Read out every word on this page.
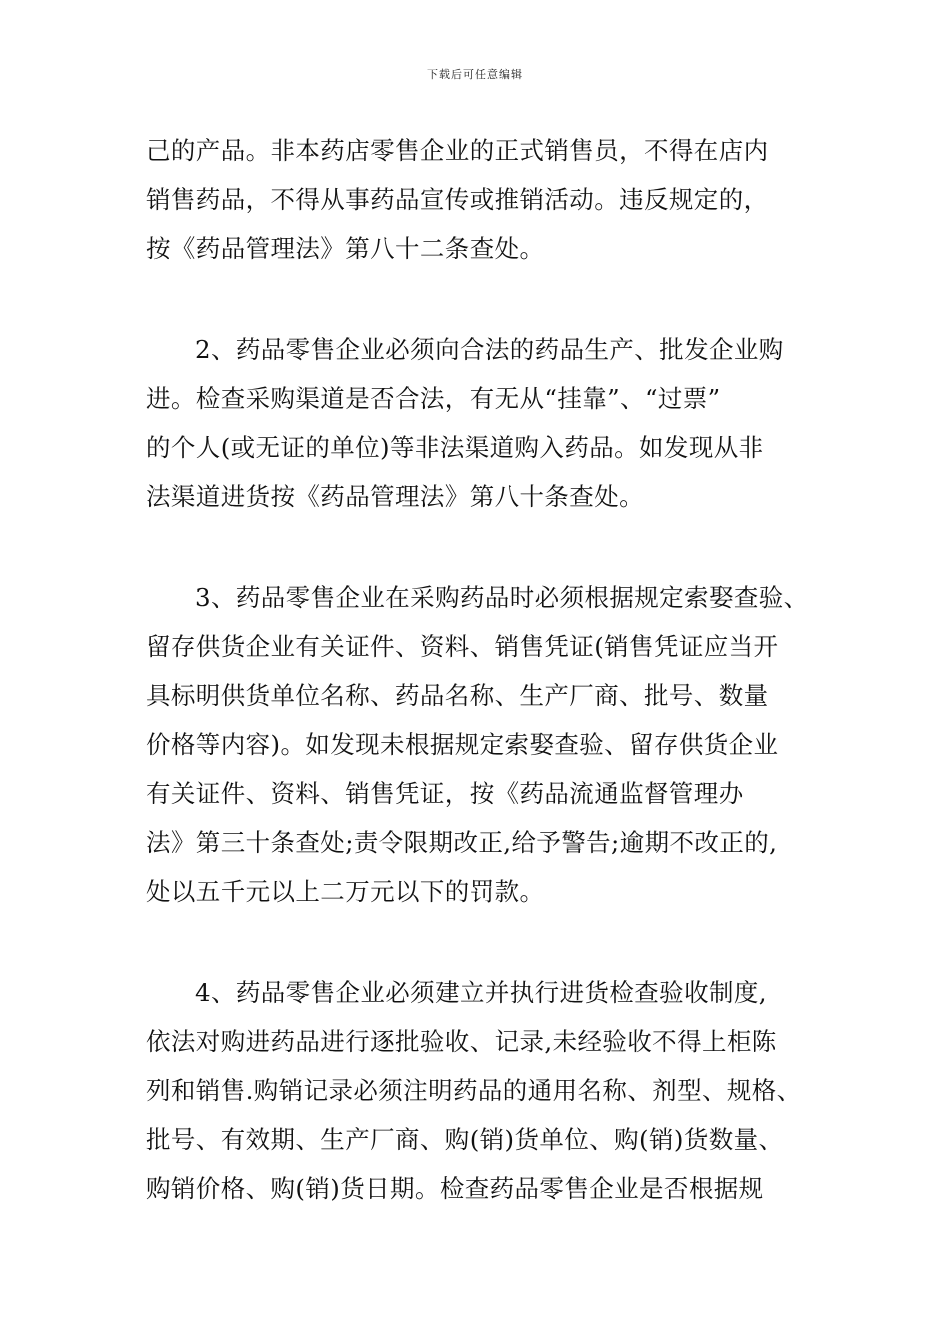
下载后可任意编辑
己的产品。非本药店零售企业的正式销售员，不得在店内
销售药品，不得从事药品宣传或推销活动。违反规定的，
按《药品管理法》第八十二条查处。
2、药品零售企业必须向合法的药品生产、批发企业购
进。检查采购渠道是否合法，有无从“挂靠”、“过票”
的个人(或无证的单位)等非法渠道购入药品。如发现从非
法渠道进货按《药品管理法》第八十条查处。
3、药品零售企业在采购药品时必须根据规定索娶查验、
留存供货企业有关证件、资料、销售凭证(销售凭证应当开
具标明供货单位名称、药品名称、生产厂商、批号、数量
价格等内容)。如发现未根据规定索娶查验、留存供货企业
有关证件、资料、销售凭证，按《药品流通监督管理办
法》第三十条查处;责令限期改正,给予警告;逾期不改正的,
处以五千元以上二万元以下的罚款。
4、药品零售企业必须建立并执行进货检查验收制度,
依法对购进药品进行逐批验收、记录,未经验收不得上柜陈
列和销售.购销记录必须注明药品的通用名称、剂型、规格、
批号、有效期、生产厂商、购(销)货单位、购(销)货数量、
购销价格、购(销)货日期。检查药品零售企业是否根据规
